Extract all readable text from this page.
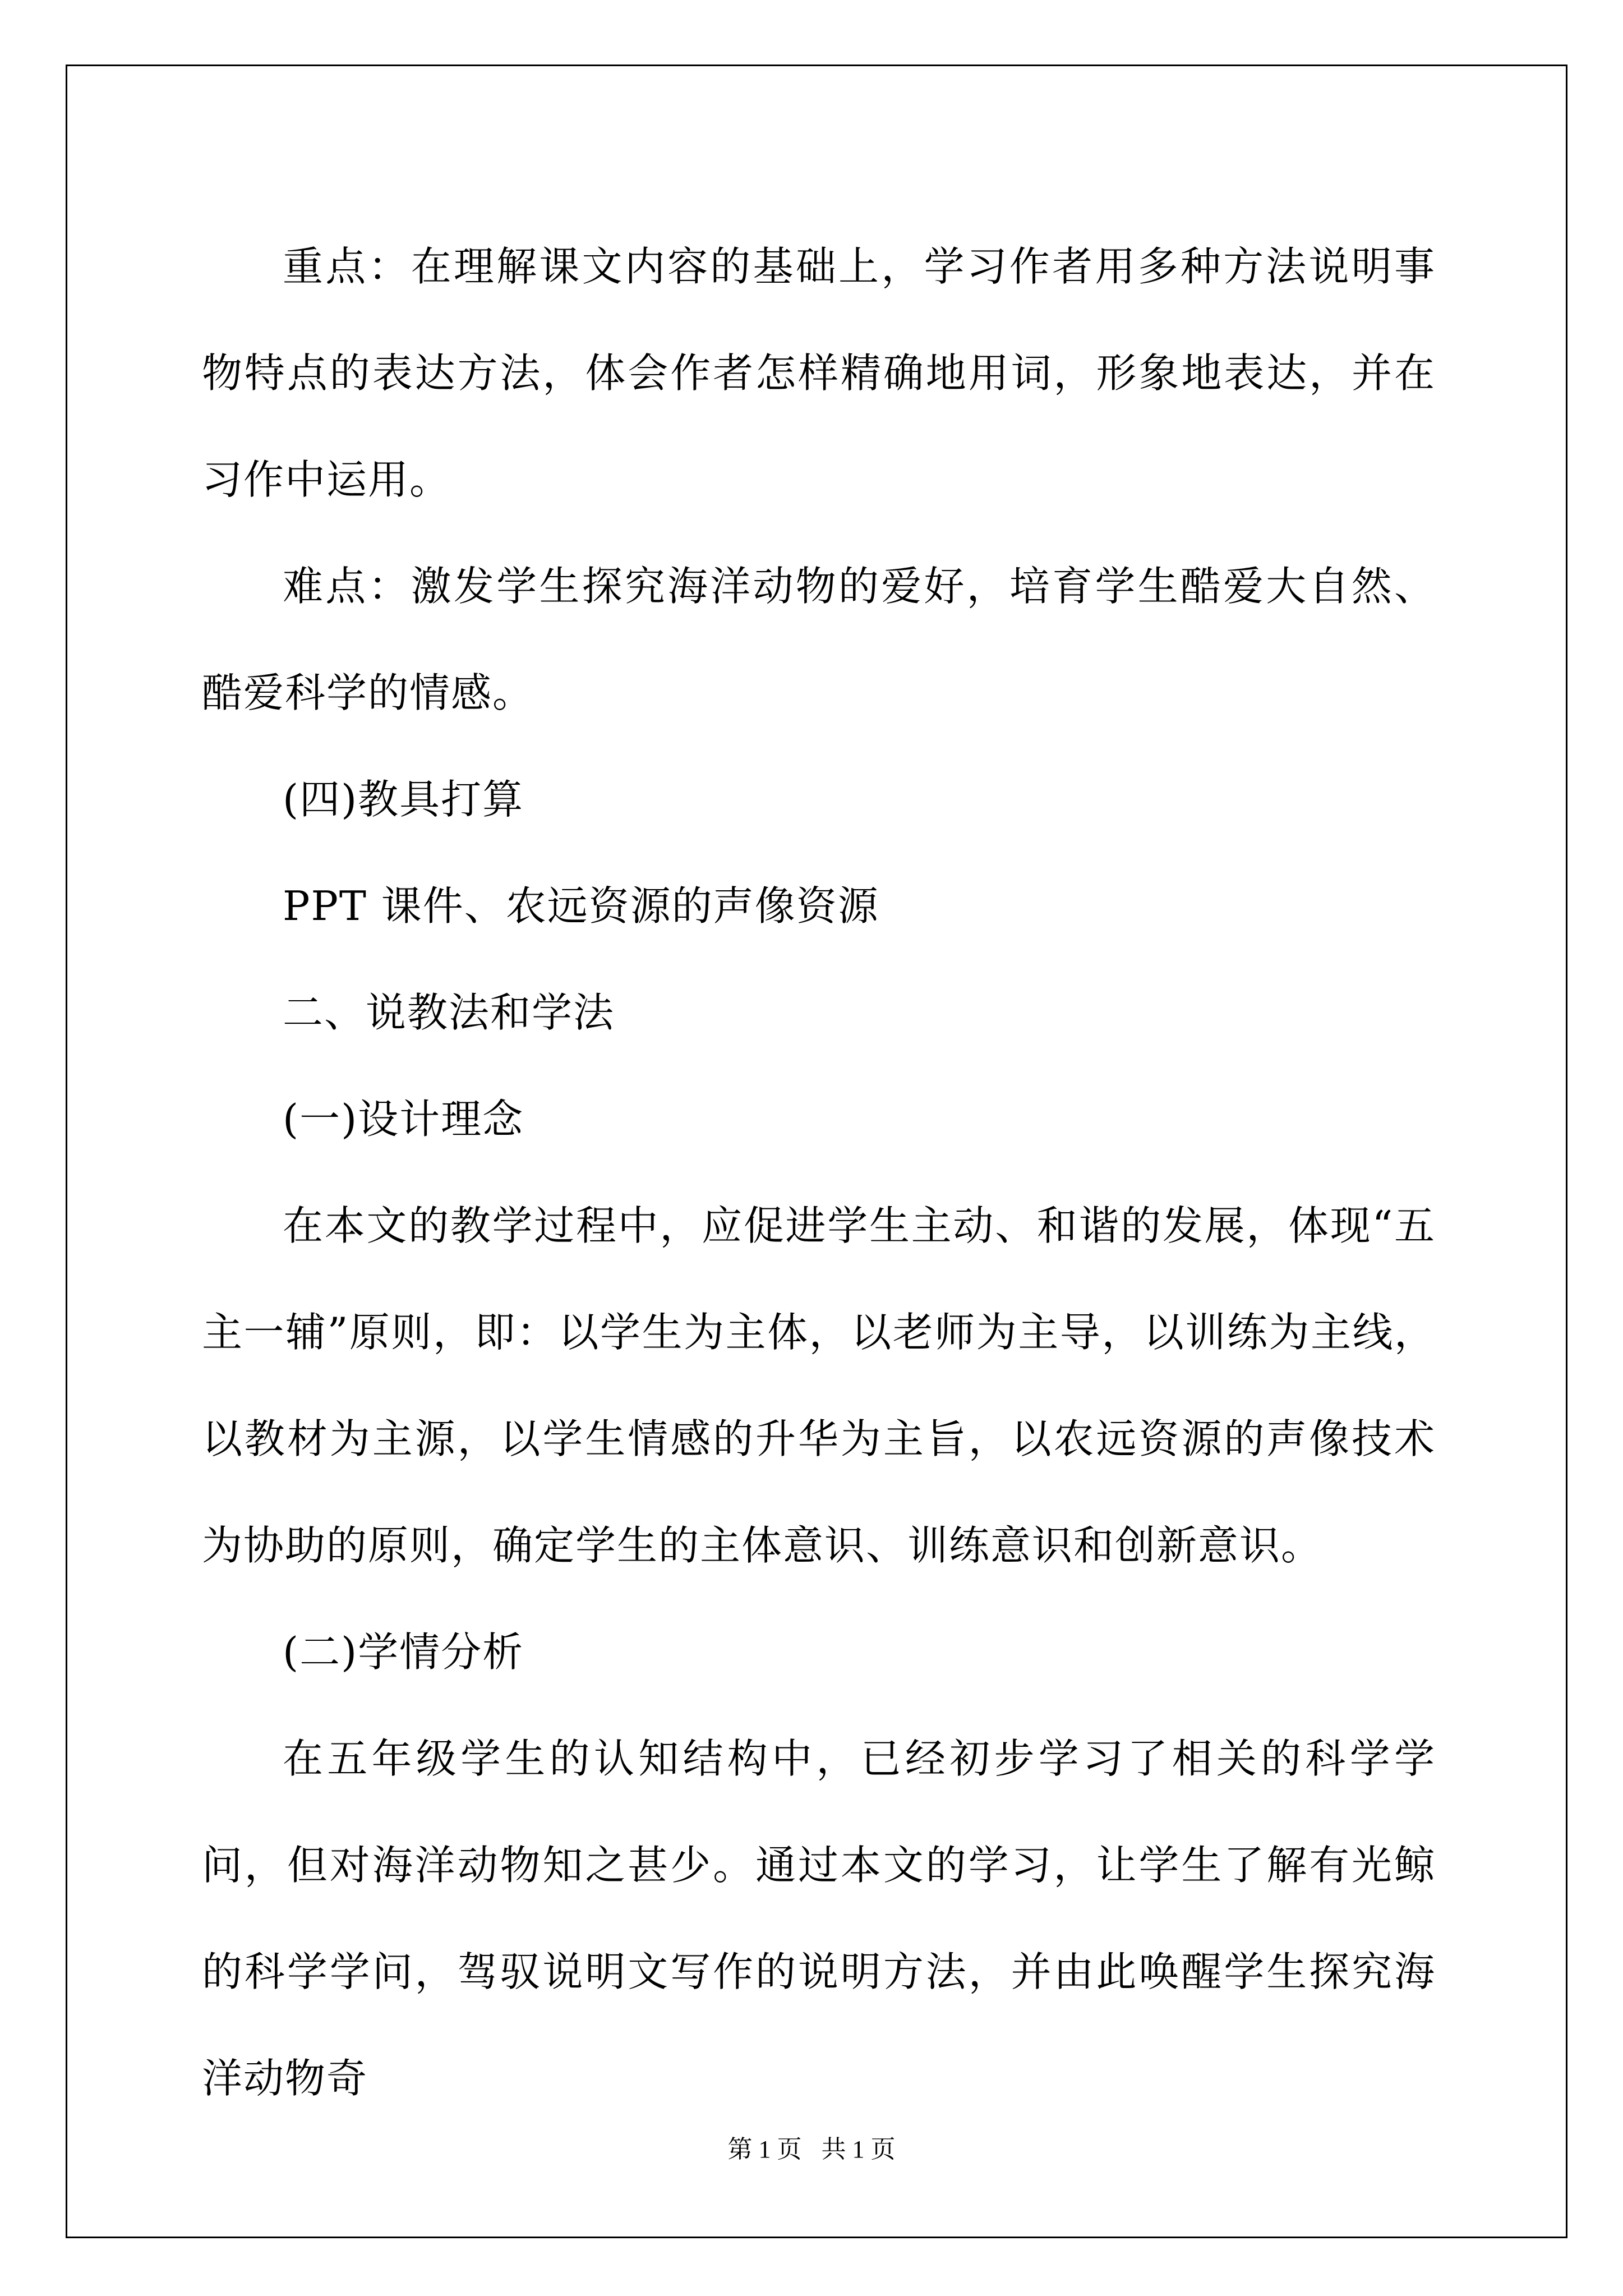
重点：在理解课文内容的基础上，学习作者用多种方法说明事物特点的表达方法，体会作者怎样精确地用词，形象地表达，并在习作中运用。

难点：激发学生探究海洋动物的爱好，培育学生酷爱大自然、酷爱科学的情感。

(四)教具打算

PPT 课件、农远资源的声像资源

二、说教法和学法

(一)设计理念

在本文的教学过程中，应促进学生主动、和谐的发展，体现“五主一辅”原则，即：以学生为主体，以老师为主导，以训练为主线，以教材为主源，以学生情感的升华为主旨，以农远资源的声像技术为协助的原则，确定学生的主体意识、训练意识和创新意识。

(二)学情分析

在五年级学生的认知结构中，已经初步学习了相关的科学学问，但对海洋动物知之甚少。通过本文的学习，让学生了解有光鲸的科学学问，驾驭说明文写作的说明方法，并由此唤醒学生探究海洋动物奇

第 1 页 共 1 页
